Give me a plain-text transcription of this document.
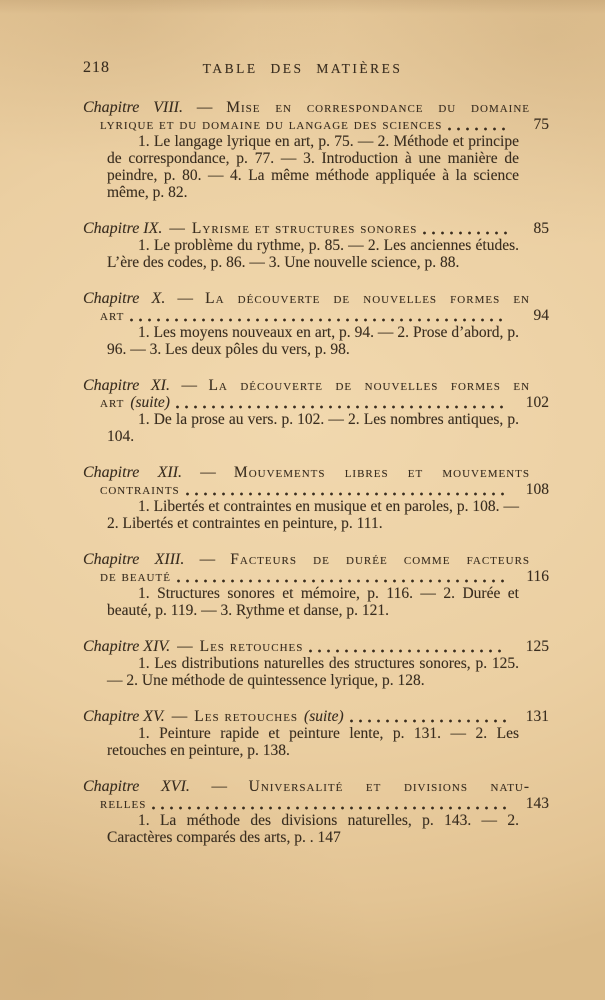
218	TABLE DES MATIÈRES
Chapitre VIII. — Mise en correspondance du domaine
lyrique et du domaine du langage des sciences	75

1. Le langage lyrique en art, p. 75. — 2. Méthode et principe de correspondance, p. 77. — 3. Introduction à une manière de peindre, p. 80. — 4. La même méthode appliquée à la science même, p. 82.

Chapitre IX. — Lyrisme et structures sonores	85

1. Le problème du rythme, p. 85. — 2. Les anciennes études. L’ère des codes, p. 86. — 3. Une nouvelle science, p. 88.

Chapitre X. — La découverte de nouvelles formes en
art	94

1. Les moyens nouveaux en art, p. 94. — 2. Prose d’abord, p. 96. — 3. Les deux pôles du vers, p. 98.

Chapitre XI. — La découverte de nouvelles formes en
art (suite)	102

1. De la prose au vers. p. 102. — 2. Les nombres antiques, p. 104.

Chapitre XII. — Mouvements libres et mouvements
contraints	108

1. Libertés et contraintes en musique et en paroles, p. 108. — 2. Libertés et contraintes en peinture, p. 111.

Chapitre XIII. — Facteurs de durée comme facteurs
de beauté	116

1. Structures sonores et mémoire, p. 116. — 2. Durée et beauté, p. 119. — 3. Rythme et danse, p. 121.

Chapitre XIV. — Les retouches	125

1. Les distributions naturelles des structures sonores, p. 125. — 2. Une méthode de quintessence lyrique, p. 128.

Chapitre XV. — Les retouches (suite)	131

1. Peinture rapide et peinture lente, p. 131. — 2. Les retouches en peinture, p. 138.

Chapitre XVI. — Universalité et divisions natu-
relles	143

1. La méthode des divisions naturelles, p. 143. — 2. Caractères comparés des arts, p. . 147
